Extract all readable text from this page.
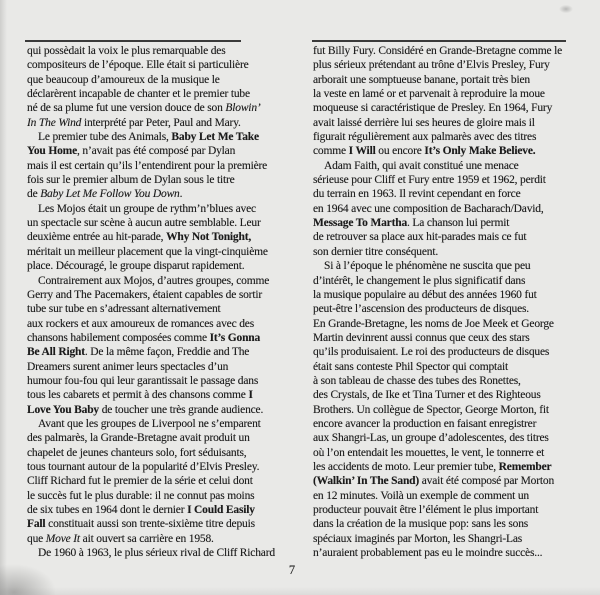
qui possèdait la voix le plus remarquable des
compositeurs de l’époque. Elle était si particulière
que beaucoup d’amoureux de la musique le
déclarèrent incapable de chanter et le premier tube
né de sa plume fut une version douce de son Blowin’
In The Wind interprété par Peter, Paul and Mary.
Le premier tube des Animals, Baby Let Me Take
You Home, n’avait pas été composé par Dylan
mais il est certain qu’ils l’entendirent pour la première
fois sur le premier album de Dylan sous le titre
de Baby Let Me Follow You Down.
Les Mojos était un groupe de rythm’n’blues avec
un spectacle sur scène à aucun autre semblable. Leur
deuxième entrée au hit-parade, Why Not Tonight,
méritait un meilleur placement que la vingt-cinquième
place. Découragé, le groupe disparut rapidement.
Contrairement aux Mojos, d’autres groupes, comme
Gerry and The Pacemakers, étaient capables de sortir
tube sur tube en s’adressant alternativement
aux rockers et aux amoureux de romances avec des
chansons habilement composées comme It’s Gonna
Be All Right. De la même façon, Freddie and The
Dreamers surent animer leurs spectacles d’un
humour fou-fou qui leur garantissait le passage dans
tous les cabarets et permit à des chansons comme I
Love You Baby de toucher une très grande audience.
Avant que les groupes de Liverpool ne s’emparent
des palmarès, la Grande-Bretagne avait produit un
chapelet de jeunes chanteurs solo, fort séduisants,
tous tournant autour de la popularité d’Elvis Presley.
Cliff Richard fut le premier de la série et celui dont
le succès fut le plus durable: il ne connut pas moins
de six tubes en 1964 dont le dernier I Could Easily
Fall constituait aussi son trente-sixième titre depuis
que Move It ait ouvert sa carrière en 1958.
De 1960 à 1963, le plus sérieux rival de Cliff Richard
fut Billy Fury. Considéré en Grande-Bretagne comme le
plus sérieux prétendant au trône d’Elvis Presley, Fury
arborait une somptueuse banane, portait très bien
la veste en lamé or et parvenait à reproduire la moue
moqueuse si caractéristique de Presley. En 1964, Fury
avait laissé derrière lui ses heures de gloire mais il
figurait régulièrement aux palmarès avec des titres
comme I Will ou encore It’s Only Make Believe.
Adam Faith, qui avait constitué une menace
sérieuse pour Cliff et Fury entre 1959 et 1962, perdit
du terrain en 1963. Il revint cependant en force
en 1964 avec une composition de Bacharach/David,
Message To Martha. La chanson lui permit
de retrouver sa place aux hit-parades mais ce fut
son dernier titre conséquent.
Si à l’époque le phénomène ne suscita que peu
d’intérêt, le changement le plus significatif dans
la musique populaire au début des années 1960 fut
peut-être l’ascension des producteurs de disques.
En Grande-Bretagne, les noms de Joe Meek et George
Martin devinrent aussi connus que ceux des stars
qu’ils produisaient. Le roi des producteurs de disques
était sans conteste Phil Spector qui comptait
à son tableau de chasse des tubes des Ronettes,
des Crystals, de Ike et Tina Turner et des Righteous
Brothers. Un collègue de Spector, George Morton, fit
encore avancer la production en faisant enregistrer
aux Shangri-Las, un groupe d’adolescentes, des titres
où l’on entendait les mouettes, le vent, le tonnerre et
les accidents de moto. Leur premier tube, Remember
(Walkin’ In The Sand) avait été composé par Morton
en 12 minutes. Voilà un exemple de comment un
producteur pouvait être l’élément le plus important
dans la création de la musique pop: sans les sons
spéciaux imaginés par Morton, les Shangri-Las
n’auraient probablement pas eu le moindre succès...
7
